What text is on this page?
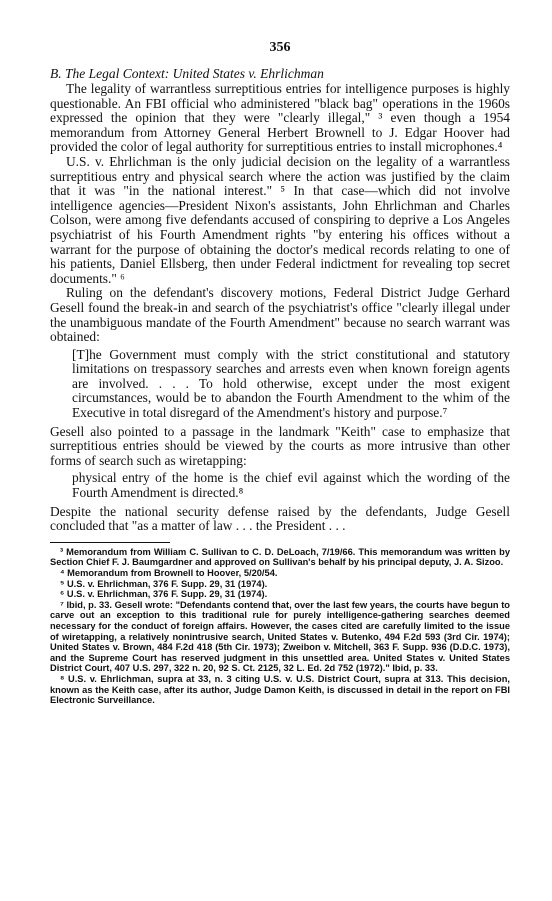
356
B. The Legal Context: United States v. Ehrlichman

The legality of warrantless surreptitious entries for intelligence purposes is highly questionable. An FBI official who administered "black bag" operations in the 1960s expressed the opinion that they were "clearly illegal," ³ even though a 1954 memorandum from Attorney General Herbert Brownell to J. Edgar Hoover had provided the color of legal authority for surreptitious entries to install microphones.⁴

U.S. v. Ehrlichman is the only judicial decision on the legality of a warrantless surreptitious entry and physical search where the action was justified by the claim that it was "in the national interest." ⁵ In that case—which did not involve intelligence agencies—President Nixon's assistants, John Ehrlichman and Charles Colson, were among five defendants accused of conspiring to deprive a Los Angeles psychiatrist of his Fourth Amendment rights "by entering his offices without a warrant for the purpose of obtaining the doctor's medical records relating to one of his patients, Daniel Ellsberg, then under Federal indictment for revealing top secret documents." ⁶

Ruling on the defendant's discovery motions, Federal District Judge Gerhard Gesell found the break-in and search of the psychiatrist's office "clearly illegal under the unambiguous mandate of the Fourth Amendment" because no search warrant was obtained:

[T]he Government must comply with the strict constitutional and statutory limitations on trespassory searches and arrests even when known foreign agents are involved. . . . To hold otherwise, except under the most exigent circumstances, would be to abandon the Fourth Amendment to the whim of the Executive in total disregard of the Amendment's history and purpose.⁷

Gesell also pointed to a passage in the landmark "Keith" case to emphasize that surreptitious entries should be viewed by the courts as more intrusive than other forms of search such as wiretapping:

physical entry of the home is the chief evil against which the wording of the Fourth Amendment is directed.⁸

Despite the national security defense raised by the defendants, Judge Gesell concluded that "as a matter of law . . . the President . . .

³ Memorandum from William C. Sullivan to C. D. DeLoach, 7/19/66. This memorandum was written by Section Chief F. J. Baumgardner and approved on Sullivan's behalf by his principal deputy, J. A. Sizoo.

⁴ Memorandum from Brownell to Hoover, 5/20/54.

⁵ U.S. v. Ehrlichman, 376 F. Supp. 29, 31 (1974).

⁶ U.S. v. Ehrlichman, 376 F. Supp. 29, 31 (1974).

⁷ Ibid, p. 33. Gesell wrote: "Defendants contend that, over the last few years, the courts have begun to carve out an exception to this traditional rule for purely intelligence-gathering searches deemed necessary for the conduct of foreign affairs. However, the cases cited are carefully limited to the issue of wiretapping, a relatively nonintrusive search, United States v. Butenko, 494 F.2d 593 (3rd Cir. 1974); United States v. Brown, 484 F.2d 418 (5th Cir. 1973); Zweibon v. Mitchell, 363 F. Supp. 936 (D.D.C. 1973), and the Supreme Court has reserved judgment in this unsettled area. United States v. United States District Court, 407 U.S. 297, 322 n. 20, 92 S. Ct. 2125, 32 L. Ed. 2d 752 (1972)." Ibid, p. 33.

⁸ U.S. v. Ehrlichman, supra at 33, n. 3 citing U.S. v. U.S. District Court, supra at 313. This decision, known as the Keith case, after its author, Judge Damon Keith, is discussed in detail in the report on FBI Electronic Surveillance.
